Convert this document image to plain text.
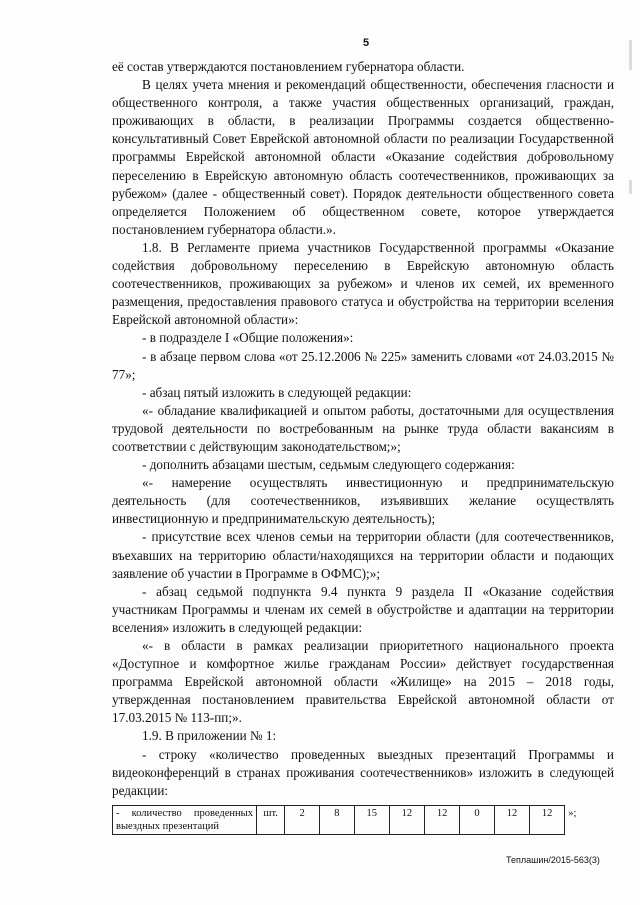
5

её состав утверждаются постановлением губернатора области.

В целях учета мнения и рекомендаций общественности, обеспечения гласности и общественного контроля, а также участия общественных организаций, граждан, проживающих в области, в реализации Программы создается общественно-консультативный Совет Еврейской автономной области по реализации Государственной программы Еврейской автономной области «Оказание содействия добровольному переселению в Еврейскую автономную область соотечественников, проживающих за рубежом» (далее - общественный совет). Порядок деятельности общественного совета определяется Положением об общественном совете, которое утверждается постановлением губернатора области.».

1.8. В Регламенте приема участников Государственной программы «Оказание содействия добровольному переселению в Еврейскую автономную область соотечественников, проживающих за рубежом» и членов их семей, их временного размещения, предоставления правового статуса и обустройства на территории вселения Еврейской автономной области»:

- в подразделе I «Общие положения»:

- в абзаце первом слова «от 25.12.2006 № 225» заменить словами «от 24.03.2015 № 77»;

- абзац пятый изложить в следующей редакции:

«- обладание квалификацией и опытом работы, достаточными для осуществления трудовой деятельности по востребованным на рынке труда области вакансиям в соответствии с действующим законодательством;»;

- дополнить абзацами шестым, седьмым следующего содержания:

«- намерение осуществлять инвестиционную и предпринимательскую деятельность (для соотечественников, изъявивших желание осуществлять инвестиционную и предпринимательскую деятельность);

- присутствие всех членов семьи на территории области (для соотечественников, въехавших на территорию области/находящихся на территории области и подающих заявление об участии в Программе в ОФМС);»;

- абзац седьмой подпункта 9.4 пункта 9 раздела II «Оказание содействия участникам Программы и членам их семей в обустройстве и адаптации на территории вселения» изложить в следующей редакции:

«- в области в рамках реализации приоритетного национального проекта «Доступное и комфортное жилье гражданам России» действует государственная программа Еврейской автономной области «Жилище» на 2015 – 2018 годы, утвержденная постановлением правительства Еврейской автономной области от 17.03.2015 № 113-пп;».

1.9. В приложении № 1:

- строку «количество проведенных выездных презентаций Программы и видеоконференций в странах проживания соотечественников» изложить в следующей редакции:

- количество проведенных выездных презентаций	шт.	2	8	15	12	12	0	12	12	»;
Теплашин/2015-563(3)
